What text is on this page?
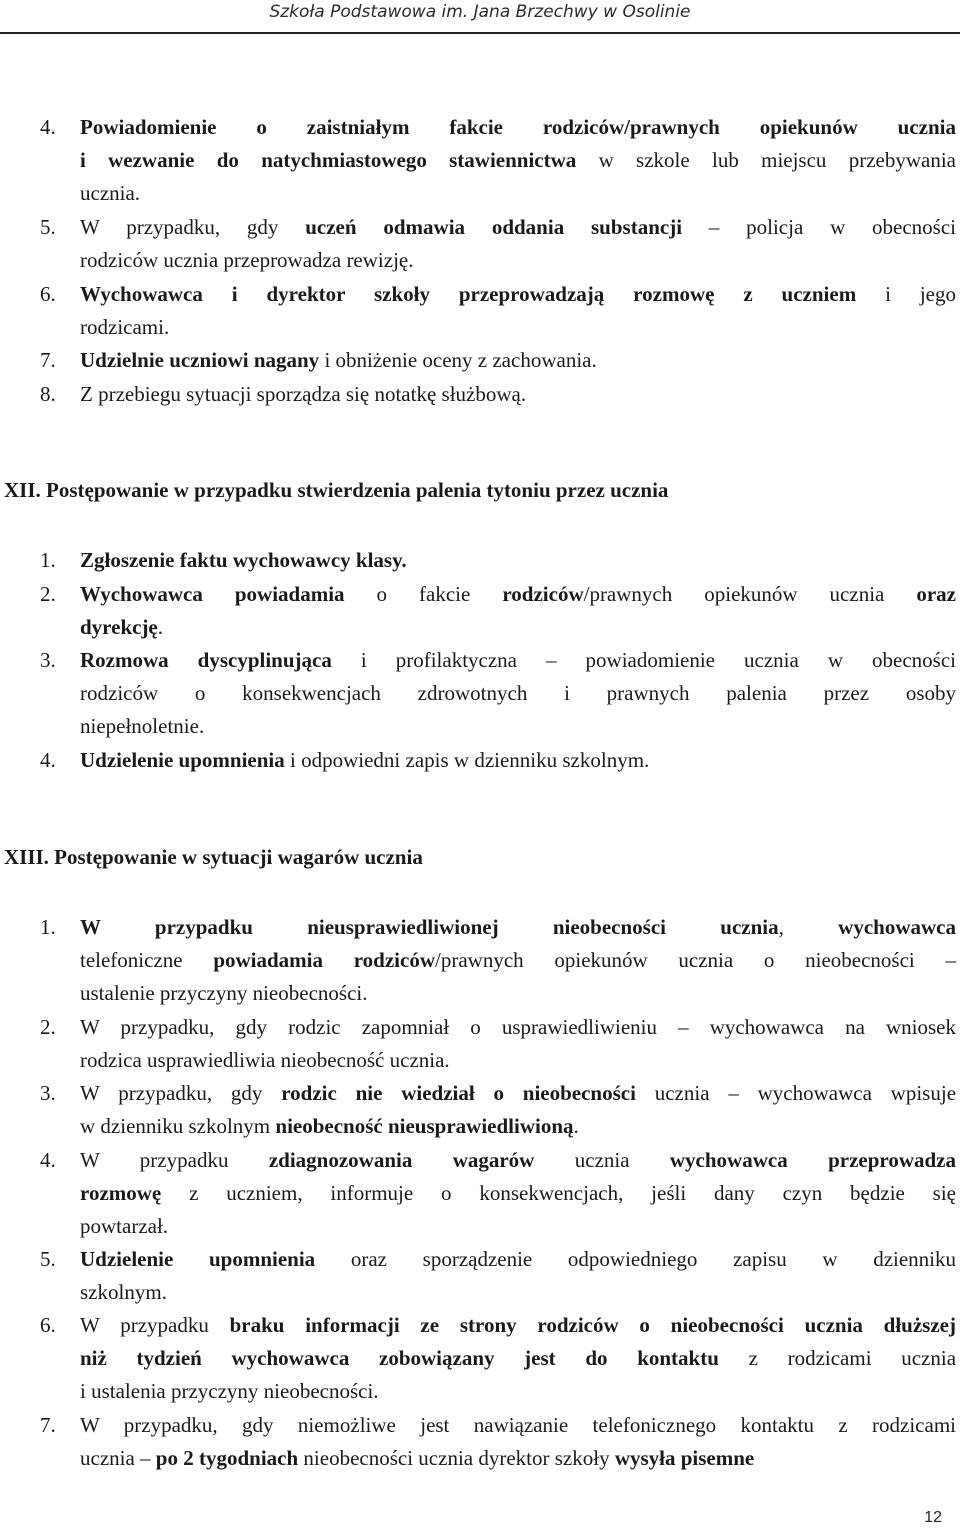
Szkoła Podstawowa im. Jana Brzechwy w Osolinie
4. Powiadomienie o zaistniałym fakcie rodziców/prawnych opiekunów ucznia
i wezwanie do natychmiastowego stawiennictwa w szkole lub miejscu przebywania
ucznia.
5. W przypadku, gdy uczeń odmawia oddania substancji – policja w obecności
rodziców ucznia przeprowadza rewizję.
6. Wychowawca i dyrektor szkoły przeprowadzają rozmowę z uczniem i jego
rodzicami.
7. Udzielnie uczniowi nagany i obniżenie oceny z zachowania.
8. Z przebiegu sytuacji sporządza się notatkę służbową.
XII. Postępowanie w przypadku stwierdzenia palenia tytoniu przez ucznia
1. Zgłoszenie faktu wychowawcy klasy.
2. Wychowawca powiadamia o fakcie rodziców/prawnych opiekunów ucznia oraz
dyrekcję.
3. Rozmowa dyscyplinująca i profilaktyczna – powiadomienie ucznia w obecności
rodziców o konsekwencjach zdrowotnych i prawnych palenia przez osoby
niepełnoletnie.
4. Udzielenie upomnienia i odpowiedni zapis w dzienniku szkolnym.
XIII. Postępowanie w sytuacji wagarów ucznia
1. W przypadku nieusprawiedliwionej nieobecności ucznia, wychowawca
telefoniczne powiadamia rodziców/prawnych opiekunów ucznia o nieobecności –
ustalenie przyczyny nieobecności.
2. W przypadku, gdy rodzic zapomniał o usprawiedliwieniu – wychowawca na wniosek
rodzica usprawiedliwia nieobecność ucznia.
3. W przypadku, gdy rodzic nie wiedział o nieobecności ucznia – wychowawca wpisuje
w dzienniku szkolnym nieobecność nieusprawiedliwioną.
4. W przypadku zdiagnozowania wagarów ucznia wychowawca przeprowadza
rozmowę z uczniem, informuje o konsekwencjach, jeśli dany czyn będzie się
powtarzał.
5. Udzielenie upomnienia oraz sporządzenie odpowiedniego zapisu w dzienniku
szkolnym.
6. W przypadku braku informacji ze strony rodziców o nieobecności ucznia dłuższej
niż tydzień wychowawca zobowiązany jest do kontaktu z rodzicami ucznia
i ustalenia przyczyny nieobecności.
7. W przypadku, gdy niemożliwe jest nawiązanie telefonicznego kontaktu z rodzicami
ucznia – po 2 tygodniach nieobecności ucznia dyrektor szkoły wysyła pisemne
12
